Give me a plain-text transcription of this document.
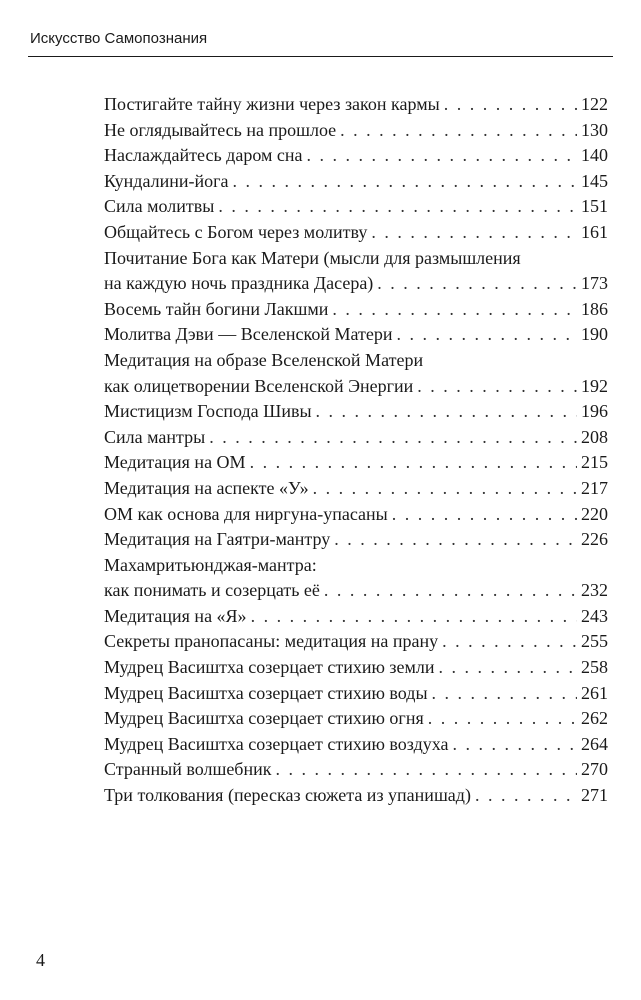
Искусство Самопознания
Постигайте тайну жизни через закон кармы . . .	122
Не оглядывайтесь на прошлое . . .	130
Наслаждайтесь даром сна . . .	140
Кундалини-йога . . .	145
Сила молитвы . . .	151
Общайтесь с Богом через молитву . . .	161
Почитание Бога как Матери (мысли для размышления
на каждую ночь праздника Дасера) . . .	173
Восемь тайн богини Лакшми . . .	186
Молитва Дэви — Вселенской Матери . . .	190
Медитация на образе Вселенской Матери
как олицетворении Вселенской Энергии . . .	192
Мистицизм Господа Шивы . . .	196
Сила мантры . . .	208
Медитация на ОМ . . .	215
Медитация на аспекте «У» . . .	217
ОМ как основа для ниргуна-упасаны . . .	220
Медитация на Гаятри-мантру . . .	226
Махамритьюнджая-мантра:
как понимать и созерцать её . . .	232
Медитация на «Я» . . .	243
Секреты пранопасаны: медитация на прану . . .	255
Мудрец Васиштха созерцает стихию земли . . .	258
Мудрец Васиштха созерцает стихию воды . . .	261
Мудрец Васиштха созерцает стихию огня . . .	262
Мудрец Васиштха созерцает стихию воздуха . . .	264
Странный волшебник . . .	270
Три толкования (пересказ сюжета из упанишад) . . .	271
4
